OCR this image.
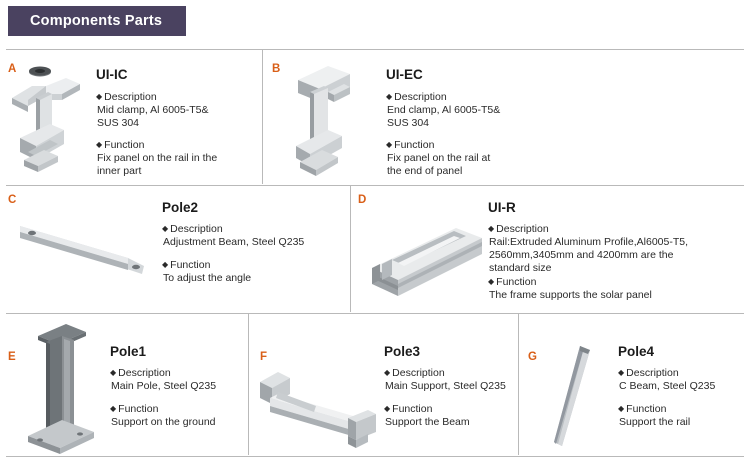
Components Parts
A	UI-IC
◆ Description
Mid clamp, Al 6005-T5&
SUS 304
◆ Function
Fix panel on the rail in the
inner part
B	UI-EC
◆ Description
End clamp, Al 6005-T5&
SUS 304
◆ Function
Fix panel on the rail at
the end of panel
C	Pole2
◆ Description
Adjustment Beam, Steel Q235
◆ Function
To adjust the angle
D	UI-R
◆ Description
Rail:Extruded Aluminum Profile,Al6005-T5,
2560mm,3405mm and 4200mm are the
standard size
◆ Function
The frame supports the solar panel
E	Pole1
◆ Description
Main Pole, Steel Q235
◆ Function
Support on the ground
F	Pole3
◆ Description
Main Support, Steel Q235
◆ Function
Support the Beam
G	Pole4
◆ Description
C Beam, Steel Q235
◆ Function
Support the rail
